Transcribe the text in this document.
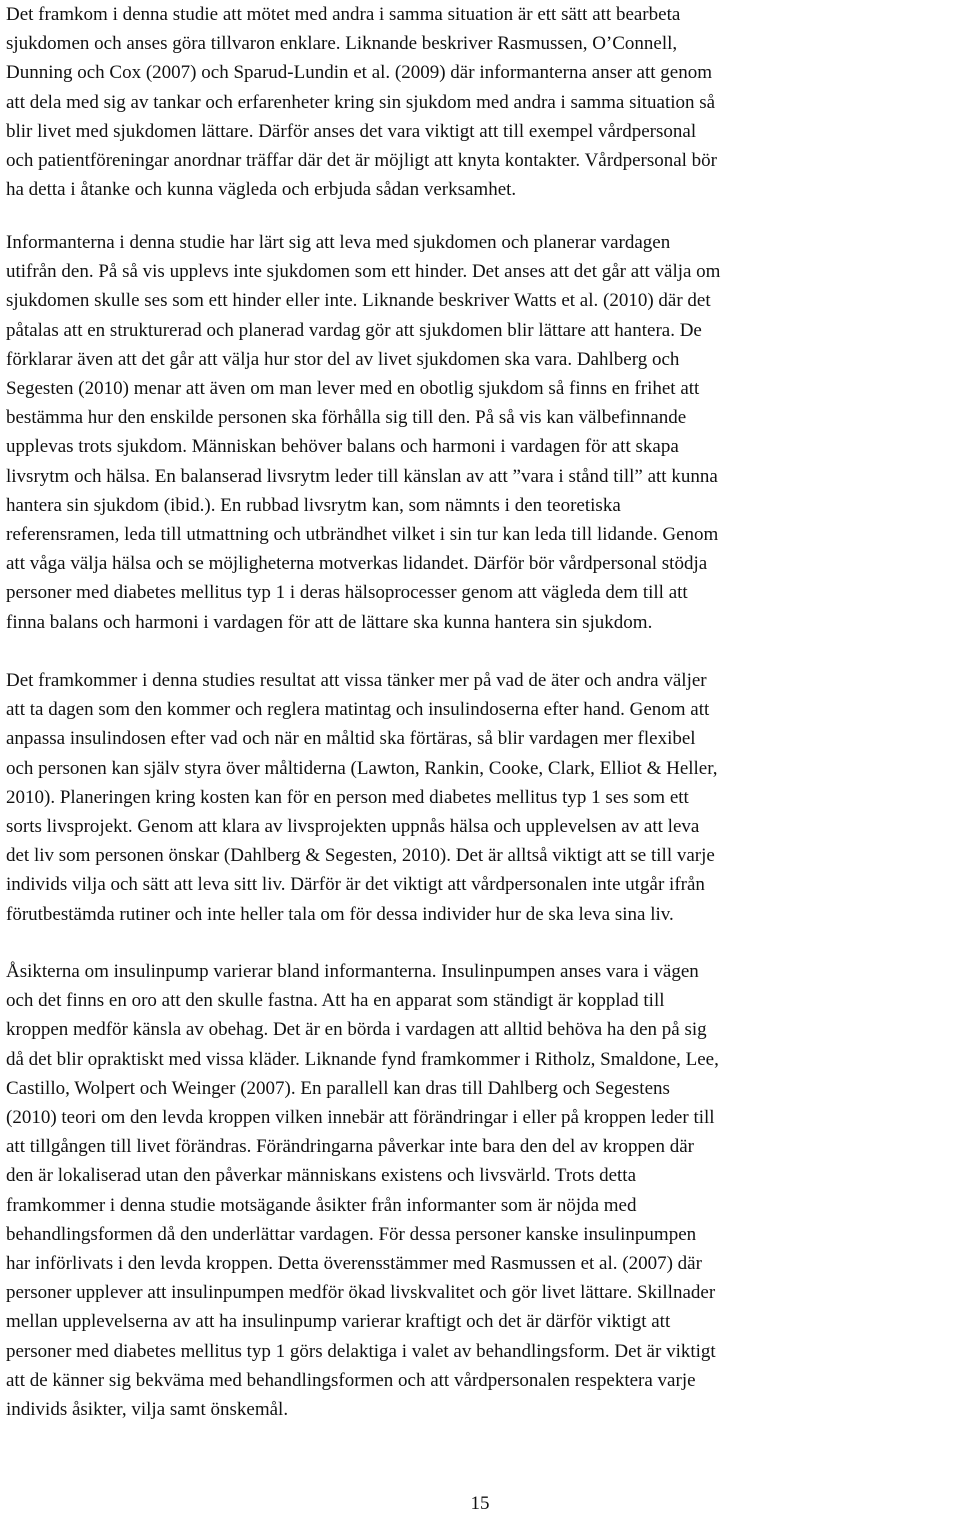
Det framkom i denna studie att mötet med andra i samma situation är ett sätt att bearbeta
sjukdomen och anses göra tillvaron enklare. Liknande beskriver Rasmussen, O’Connell,
Dunning och Cox (2007) och Sparud-Lundin et al. (2009) där informanterna anser att genom
att dela med sig av tankar och erfarenheter kring sin sjukdom med andra i samma situation så
blir livet med sjukdomen lättare. Därför anses det vara viktigt att till exempel vårdpersonal
och patientföreningar anordnar träffar där det är möjligt att knyta kontakter. Vårdpersonal bör
ha detta i åtanke och kunna vägleda och erbjuda sådan verksamhet.
Informanterna i denna studie har lärt sig att leva med sjukdomen och planerar vardagen
utifrån den. På så vis upplevs inte sjukdomen som ett hinder. Det anses att det går att välja om
sjukdomen skulle ses som ett hinder eller inte. Liknande beskriver Watts et al. (2010) där det
påtalas att en strukturerad och planerad vardag gör att sjukdomen blir lättare att hantera. De
förklarar även att det går att välja hur stor del av livet sjukdomen ska vara. Dahlberg och
Segesten (2010) menar att även om man lever med en obotlig sjukdom så finns en frihet att
bestämma hur den enskilde personen ska förhålla sig till den. På så vis kan välbefinnande
upplevas trots sjukdom. Människan behöver balans och harmoni i vardagen för att skapa
livsrytm och hälsa. En balanserad livsrytm leder till känslan av att ”vara i stånd till” att kunna
hantera sin sjukdom (ibid.). En rubbad livsrytm kan, som nämnts i den teoretiska
referensramen, leda till utmattning och utbrändhet vilket i sin tur kan leda till lidande. Genom
att våga välja hälsa och se möjligheterna motverkas lidandet. Därför bör vårdpersonal stödja
personer med diabetes mellitus typ 1 i deras hälsoprocesser genom att vägleda dem till att
finna balans och harmoni i vardagen för att de lättare ska kunna hantera sin sjukdom.
Det framkommer i denna studies resultat att vissa tänker mer på vad de äter och andra väljer
att ta dagen som den kommer och reglera matintag och insulindoserna efter hand. Genom att
anpassa insulindosen efter vad och när en måltid ska förtäras, så blir vardagen mer flexibel
och personen kan själv styra över måltiderna (Lawton, Rankin, Cooke, Clark, Elliot & Heller,
2010). Planeringen kring kosten kan för en person med diabetes mellitus typ 1 ses som ett
sorts livsprojekt. Genom att klara av livsprojekten uppnås hälsa och upplevelsen av att leva
det liv som personen önskar (Dahlberg & Segesten, 2010). Det är alltså viktigt att se till varje
individs vilja och sätt att leva sitt liv. Därför är det viktigt att vårdpersonalen inte utgår ifrån
förutbestämda rutiner och inte heller tala om för dessa individer hur de ska leva sina liv.
Åsikterna om insulinpump varierar bland informanterna. Insulinpumpen anses vara i vägen
och det finns en oro att den skulle fastna. Att ha en apparat som ständigt är kopplad till
kroppen medför känsla av obehag. Det är en börda i vardagen att alltid behöva ha den på sig
då det blir opraktiskt med vissa kläder. Liknande fynd framkommer i Ritholz, Smaldone, Lee,
Castillo, Wolpert och Weinger (2007). En parallell kan dras till Dahlberg och Segestens
(2010) teori om den levda kroppen vilken innebär att förändringar i eller på kroppen leder till
att tillgången till livet förändras. Förändringarna påverkar inte bara den del av kroppen där
den är lokaliserad utan den påverkar människans existens och livsvärld. Trots detta
framkommer i denna studie motsägande åsikter från informanter som är nöjda med
behandlingsformen då den underlättar vardagen. För dessa personer kanske insulinpumpen
har införlivats i den levda kroppen. Detta överensstämmer med Rasmussen et al. (2007) där
personer upplever att insulinpumpen medför ökad livskvalitet och gör livet lättare. Skillnader
mellan upplevelserna av att ha insulinpump varierar kraftigt och det är därför viktigt att
personer med diabetes mellitus typ 1 görs delaktiga i valet av behandlingsform. Det är viktigt
att de känner sig bekväma med behandlingsformen och att vårdpersonalen respektera varje
individs åsikter, vilja samt önskemål.
15
